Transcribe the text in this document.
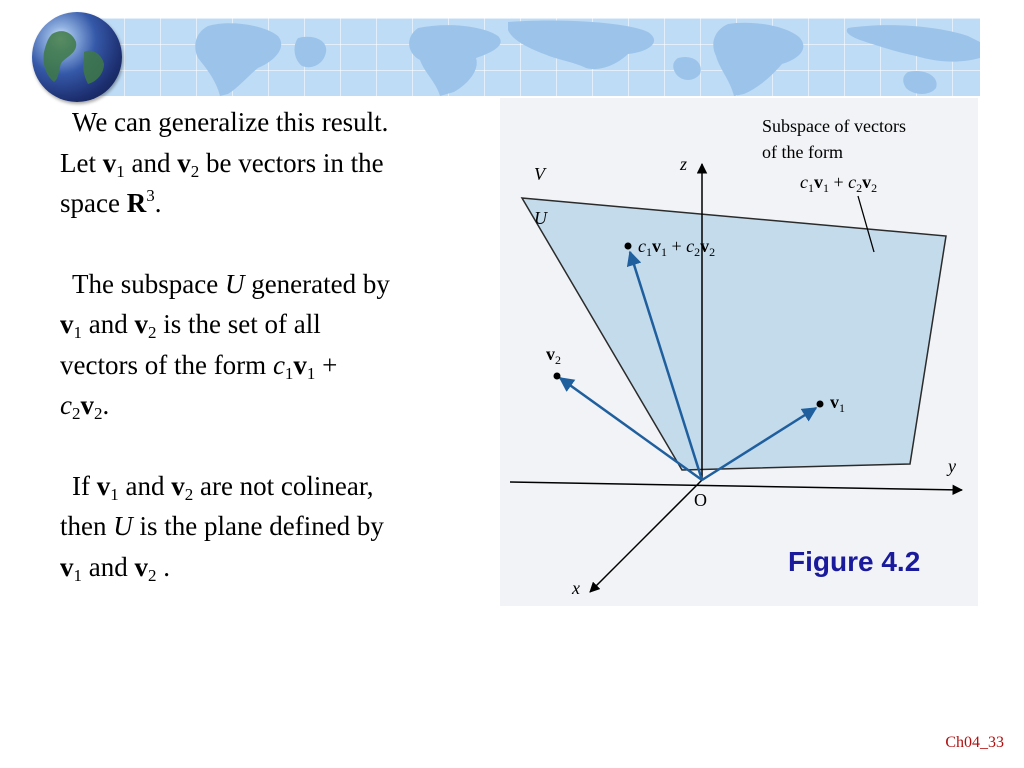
We can generalize this result.
Let $v_1$ and $v_2$ be vectors in the
space $R^3$.

The subspace U generated by
$v_1$ and $v_2$ is the set of all
vectors of the form $c_1v_1$ +
$c_2v_2$.

If $v_1$ and $v_2$ are not colinear,
then U is the plane defined by
$v_1$ and $v_2$ .

z
y
x
O
V
U
$c_1v_1 + c_2v_2$
$v_2$
$v_1$
Subspace of vectors
of the form
$c_1v_1 + c_2v_2$
Figure 4.2
Ch04_33
